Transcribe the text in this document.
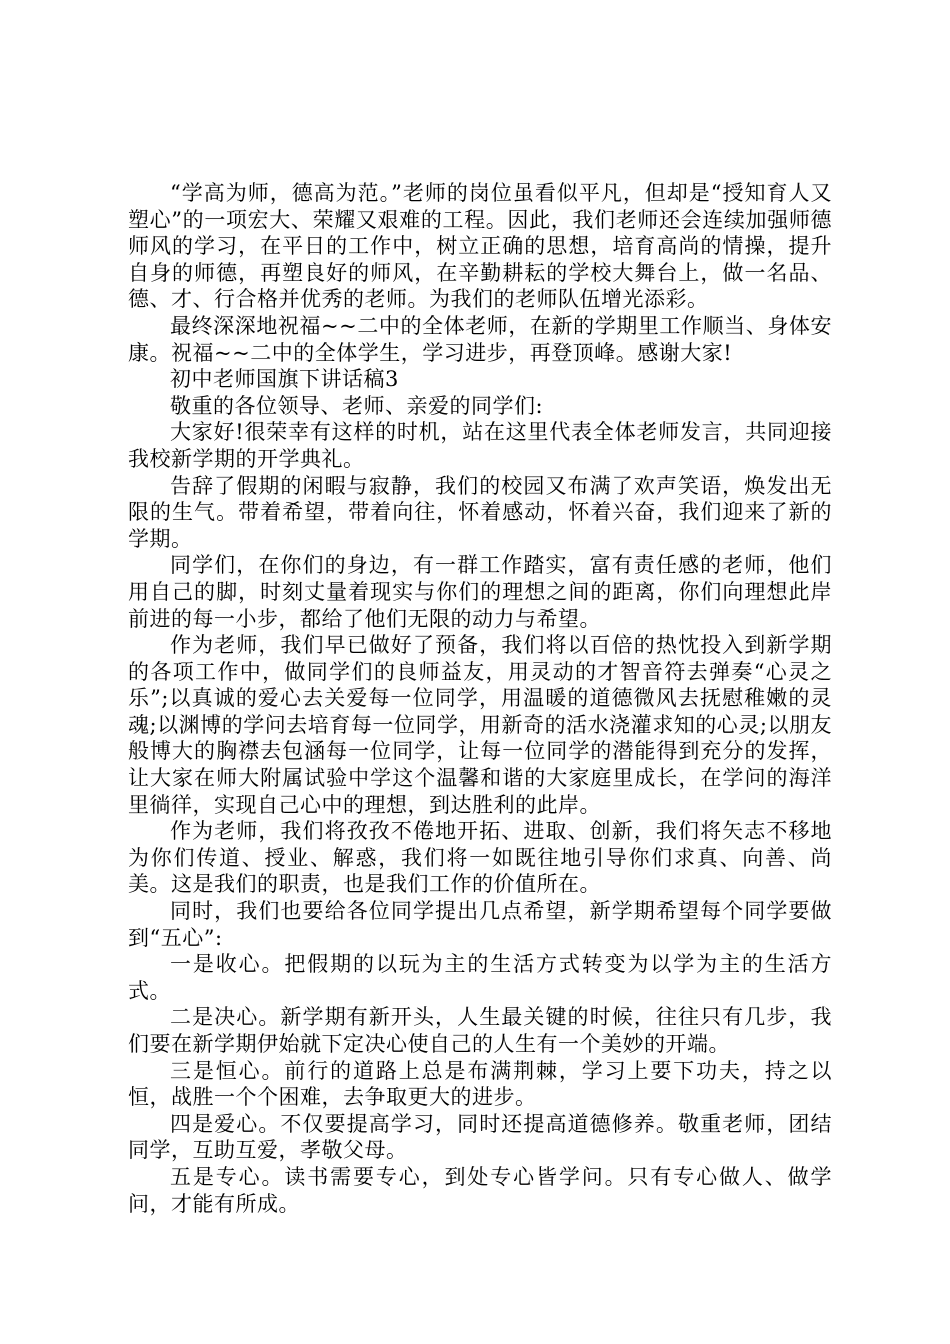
“学高为师，德高为范。”老师的岗位虽看似平凡，但却是“授知育人又塑心”的一项宏大、荣耀又艰难的工程。因此，我们老师还会连续加强师德师风的学习，在平日的工作中，树立正确的思想，培育高尚的情操，提升自身的师德，再塑良好的师风，在辛勤耕耘的学校大舞台上，做一名品、德、才、行合格并优秀的老师。为我们的老师队伍增光添彩。

最终深深地祝福~~二中的全体老师，在新的学期里工作顺当、身体安康。祝福~~二中的全体学生，学习进步，再登顶峰。感谢大家!

初中老师国旗下讲话稿3

敬重的各位领导、老师、亲爱的同学们:

大家好!很荣幸有这样的时机，站在这里代表全体老师发言，共同迎接我校新学期的开学典礼。

告辞了假期的闲暇与寂静，我们的校园又布满了欢声笑语，焕发出无限的生气。带着希望，带着向往，怀着感动，怀着兴奋，我们迎来了新的学期。

同学们，在你们的身边，有一群工作踏实，富有责任感的老师，他们用自己的脚，时刻丈量着现实与你们的理想之间的距离，你们向理想此岸前进的每一小步，都给了他们无限的动力与希望。

作为老师，我们早已做好了预备，我们将以百倍的热忱投入到新学期的各项工作中，做同学们的良师益友，用灵动的才智音符去弹奏“心灵之乐”;以真诚的爱心去关爱每一位同学，用温暖的道德微风去抚慰稚嫩的灵魂;以渊博的学问去培育每一位同学，用新奇的活水浇灌求知的心灵;以朋友般博大的胸襟去包涵每一位同学，让每一位同学的潜能得到充分的发挥，让大家在师大附属试验中学这个温馨和谐的大家庭里成长，在学问的海洋里徜徉，实现自己心中的理想，到达胜利的此岸。

作为老师，我们将孜孜不倦地开拓、进取、创新，我们将矢志不移地为你们传道、授业、解惑，我们将一如既往地引导你们求真、向善、尚美。这是我们的职责，也是我们工作的价值所在。

同时，我们也要给各位同学提出几点希望，新学期希望每个同学要做到“五心”:

一是收心。把假期的以玩为主的生活方式转变为以学为主的生活方式。

二是决心。新学期有新开头，人生最关键的时候，往往只有几步，我们要在新学期伊始就下定决心使自己的人生有一个美妙的开端。

三是恒心。前行的道路上总是布满荆棘，学习上要下功夫，持之以恒，战胜一个个困难，去争取更大的进步。

四是爱心。不仅要提高学习，同时还提高道德修养。敬重老师，团结同学，互助互爱，孝敬父母。

五是专心。读书需要专心，到处专心皆学问。只有专心做人、做学问，才能有所成。
